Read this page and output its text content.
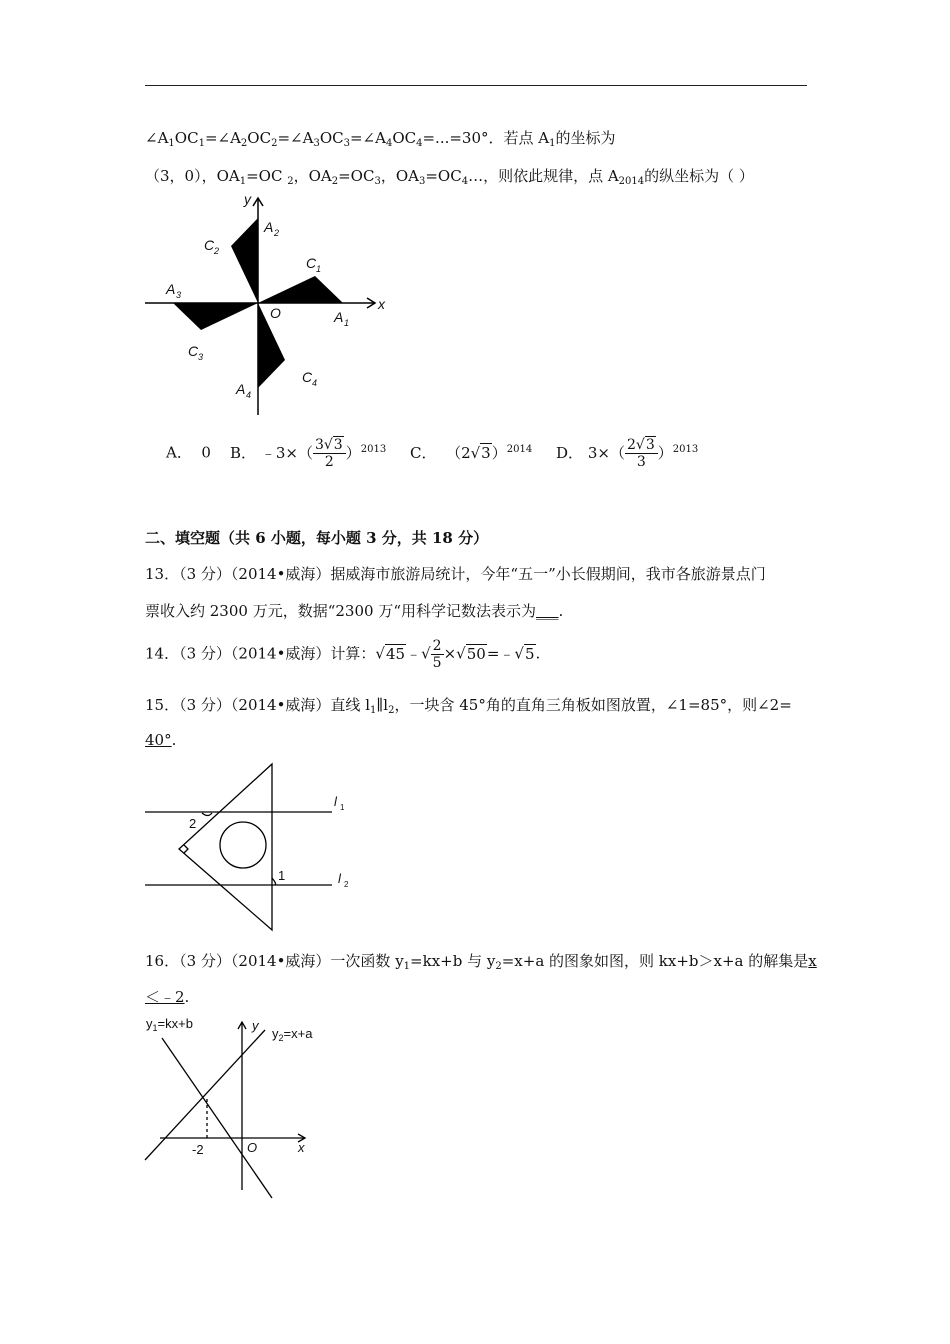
$\angle A_1OC_1=\angle A_2OC_2=\angle A_3OC_3=\angle A_4OC_4=...=30^\circ$．若点 $A_1$的坐标为
（3，0），$OA_1=OC$ $_2$，$OA_2=OC_3$，$OA_3=OC_4\dots$，则依此规律，点 $A_{2014}$的纵坐标为（ ）
y
x
O
A 2
C 2
C 1
A 1
A 3
C 3
A 4
C 4
A． 0 B． ﹣3×（ $\frac{3√3}{2} )^{2013}$ C． $(2√3)^{2014}$ D． $3\times( \frac{2√3}{3} )^{2013}$
二、填空题（共 6 小题，每小题 3 分，共 18 分）
13．（3 分）（2014•威海）据威海市旅游局统计，今年“五一”小长假期间，我市各旅游景点门
票收入约 2300 万元，数据“2300 万“用科学记数法表示为___.
14．（3 分）（2014•威海）计算：√45﹣√ $\frac{2}{5}$ ×√50=﹣√5.
15．（3 分）（2014•威海）直线 $l_1\parallel l_2$，一块含 45°角的直角三角板如图放置，∠1=85°，则∠2=
40°.
2
1
l 1
l 2
16．（3 分）（2014•威海）一次函数 $y_1=kx+b$ 与 $y_2=x+a$ 的图象如图，则 kx+b＞x+a 的解集是x
＜﹣2.
$y_1=kx+b$
$y_2=x+a$
y
x
O
-2
